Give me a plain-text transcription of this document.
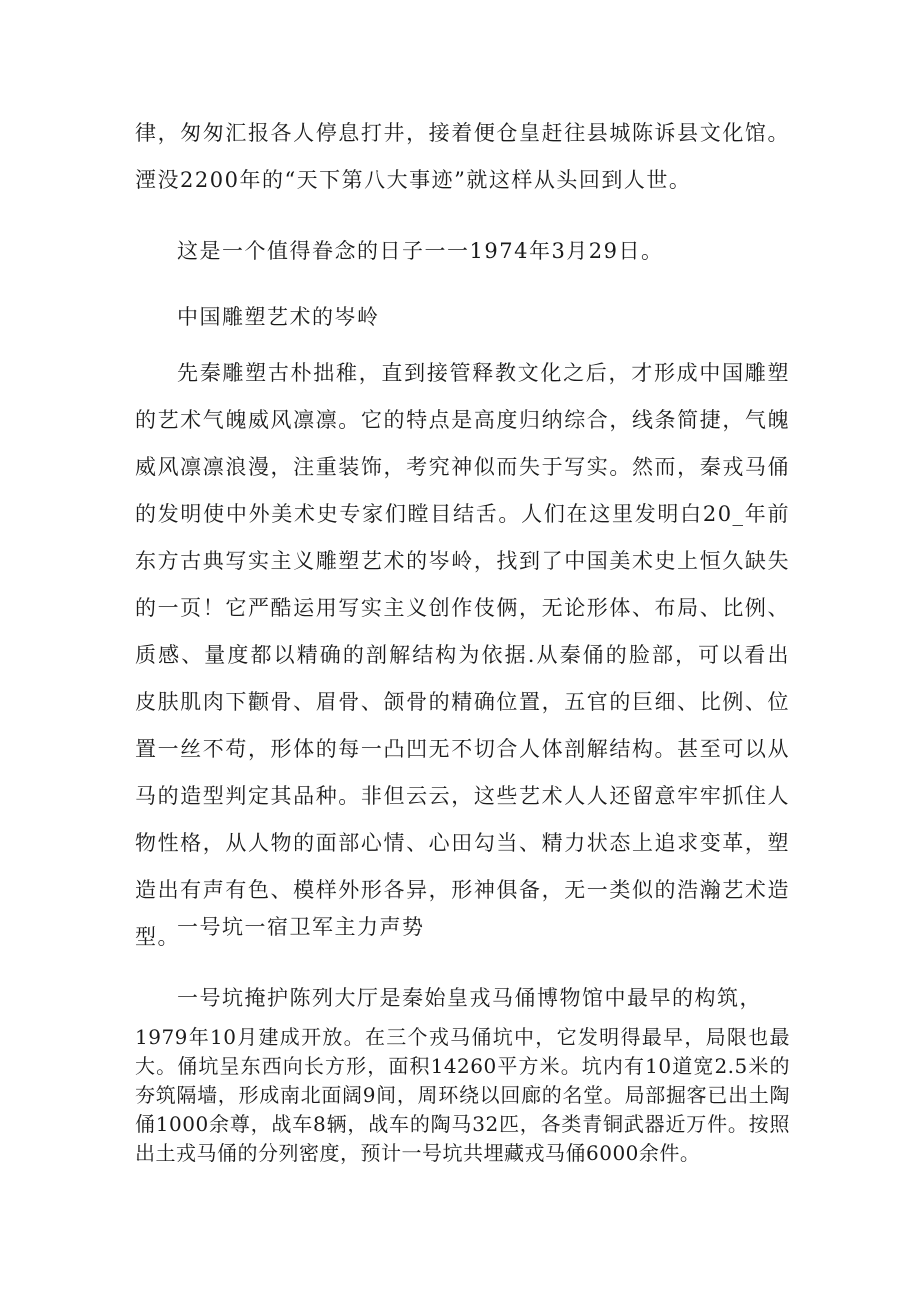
律，匆匆汇报各人停息打井，接着便仓皇赶往县城陈诉县文化馆。湮没2200年的“天下第八大事迹”就这样从头回到人世。

这是一个值得眷念的日子一一1974年3月29日。

中国雕塑艺术的岑岭

先秦雕塑古朴拙稚，直到接管释教文化之后，才形成中国雕塑的艺术气魄威风凛凛。它的特点是高度归纳综合，线条简捷，气魄威风凛凛浪漫，注重装饰，考究神似而失于写实。然而，秦戎马俑的发明使中外美术史专家们瞠目结舌。人们在这里发明白20_年前东方古典写实主义雕塑艺术的岑岭，找到了中国美术史上恒久缺失的一页！它严酷运用写实主义创作伎俩，无论形体、布局、比例、质感、量度都以精确的剖解结构为依据.从秦俑的脸部，可以看出皮肤肌肉下颧骨、眉骨、颌骨的精确位置，五官的巨细、比例、位置一丝不苟，形体的每一凸凹无不切合人体剖解结构。甚至可以从马的造型判定其品种。非但云云，这些艺术人人还留意牢牢抓住人物性格，从人物的面部心情、心田勾当、精力状态上追求变革，塑造出有声有色、模样外形各异，形神俱备，无一类似的浩瀚艺术造型。

一号坑一宿卫军主力声势

一号坑掩护陈列大厅是秦始皇戎马俑博物馆中最早的构筑，

1979年10月建成开放。在三个戎马俑坑中，它发明得最早，局限也最大。俑坑呈东西向长方形，面积14260平方米。坑内有10道宽2.5米的夯筑隔墙，形成南北面阔9间，周环绕以回廊的名堂。局部掘客已出土陶俑1000余尊，战车8辆，战车的陶马32匹，各类青铜武器近万件。按照出土戎马俑的分列密度，预计一号坑共埋藏戎马俑6000余件。
